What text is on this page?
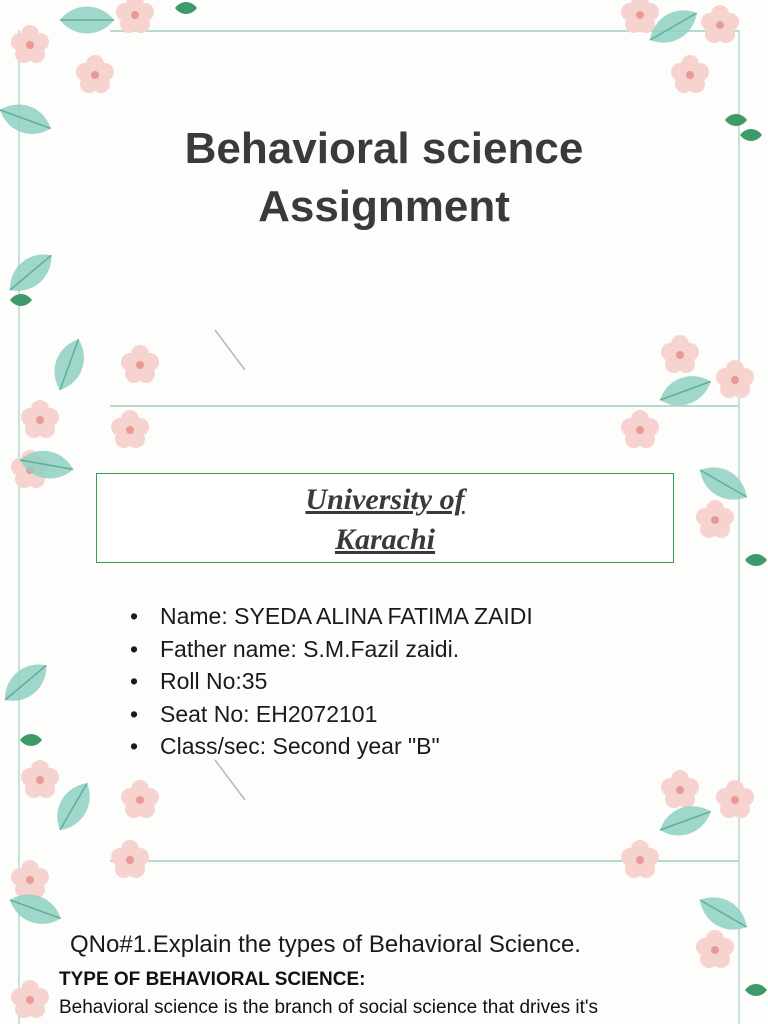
Behavioral science
Assignment
University of
Karachi
• Name: SYEDA ALINA FATIMA ZAIDI
• Father name: S.M.Fazil zaidi.
• Roll No:35
• Seat No: EH2072101
• Class/sec: Second year "B"
QNo#1.Explain the types of Behavioral Science.
TYPE OF BEHAVIORAL SCIENCE:
Behavioral science is the branch of social science that drives it's
